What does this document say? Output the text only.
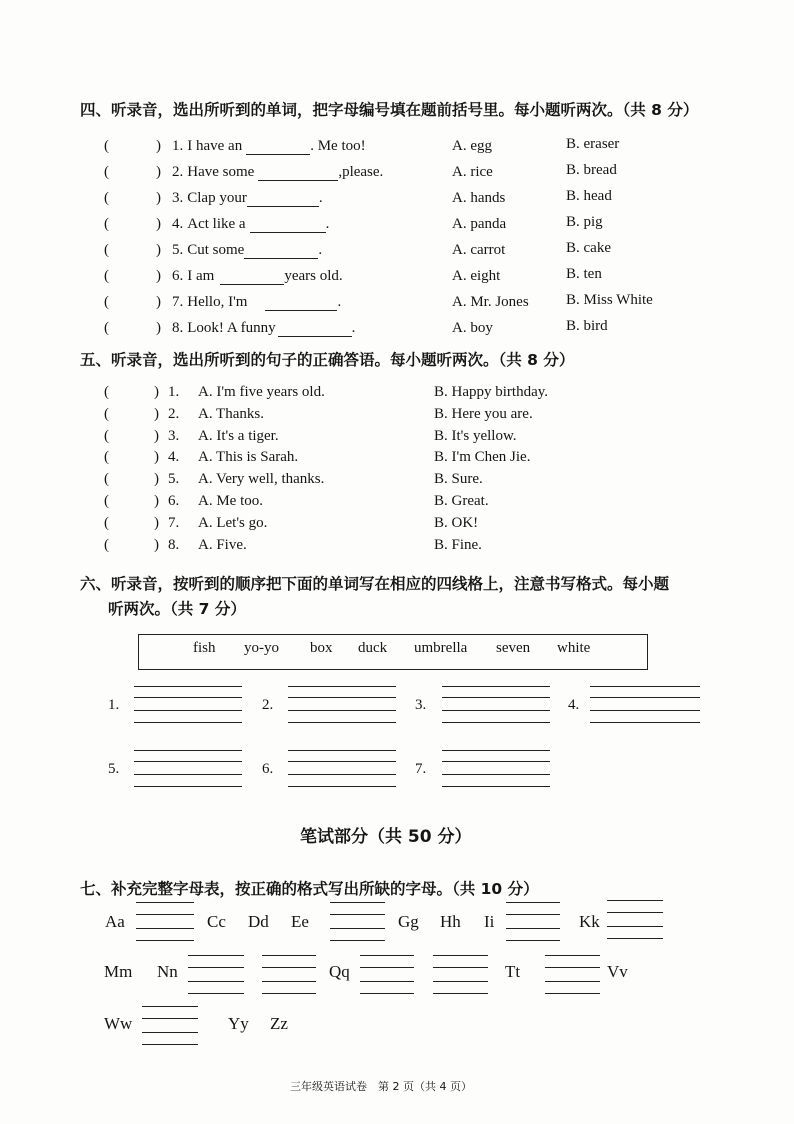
四、听录音，选出所听到的单词，把字母编号填在题前括号里。每小题听两次。（共 8 分）
(	) 1. I have an	. Me too!	A. egg	B. eraser
(	) 2. Have some	,please.	A. rice	B. bread
(	) 3. Clap your	.	A. hands	B. head
(	) 4. Act like a	.	A. panda	B. pig
(	) 5. Cut some	.	A. carrot	B. cake
(	) 6. I am	years old.	A. eight	B. ten
(	) 7. Hello, I'm	.	A. Mr. Jones B. Miss White
(	) 8. Look! A funny	.	A. boy	B. bird
五、听录音，选出所听到的句子的正确答语。每小题听两次。（共 8 分）
(	) 1. A. I'm five years old.	B. Happy birthday.
(	) 2. A. Thanks.	B. Here you are.
(	) 3. A. It's a tiger.	B. It's yellow.
(	) 4. A. This is Sarah.	B. I'm Chen Jie.
(	) 5. A. Very well, thanks.	B. Sure.
(	) 6. A. Me too.	B. Great.
(	) 7. A. Let's go.	B. OK!
(	) 8. A. Five.	B. Fine.
六、听录音，按听到的顺序把下面的单词写在相应的四线格上，注意书写格式。每小题
听两次。（共 7 分）
fish yo-yo box duck umbrella seven white
1.	2.	3.	4.
5.	6.	7.
笔试部分（共 50 分）
七、补充完整字母表，按正确的格式写出所缺的字母。（共 10 分）
Aa	Cc Dd Ee	Gg Hh Ii	Kk
Mm Nn	Qq	Tt	Vv
Ww	Yy Zz
三年级英语试卷　第 2 页（共 4 页）
